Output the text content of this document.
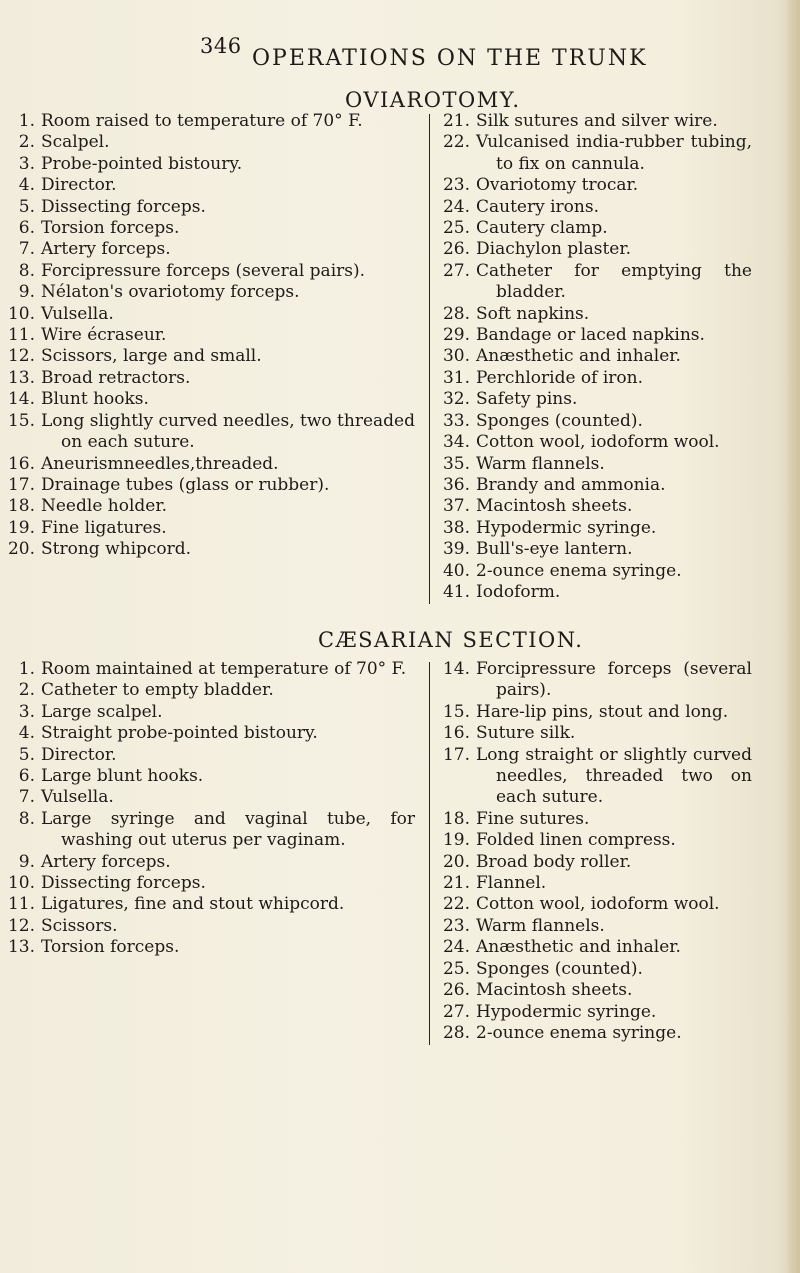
346 OPERATIONS ON THE TRUNK
OVIAROTOMY.
1. Room raised to temperature of 70° F.
2. Scalpel.
3. Probe-pointed bistoury.
4. Director.
5. Dissecting forceps.
6. Torsion forceps.
7. Artery forceps.
8. Forcipressure forceps (several pairs).
9. Nélaton's ovariotomy forceps.
10. Vulsella.
11. Wire écraseur.
12. Scissors, large and small.
13. Broad retractors.
14. Blunt hooks.
15. Long slightly curved needles, two threaded on each suture.
16. Aneurismneedles,threaded.
17. Drainage tubes (glass or rubber).
18. Needle holder.
19. Fine ligatures.
20. Strong whipcord.
21. Silk sutures and silver wire.
22. Vulcanised india-rubber tubing, to fix on cannula.
23. Ovariotomy trocar.
24. Cautery irons.
25. Cautery clamp.
26. Diachylon plaster.
27. Catheter for emptying the bladder.
28. Soft napkins.
29. Bandage or laced napkins.
30. Anæsthetic and inhaler.
31. Perchloride of iron.
32. Safety pins.
33. Sponges (counted).
34. Cotton wool, iodoform wool.
35. Warm flannels.
36. Brandy and ammonia.
37. Macintosh sheets.
38. Hypodermic syringe.
39. Bull's-eye lantern.
40. 2-ounce enema syringe.
41. Iodoform.
CÆSARIAN SECTION.
1. Room maintained at temperature of 70° F.
2. Catheter to empty bladder.
3. Large scalpel.
4. Straight probe-pointed bistoury.
5. Director.
6. Large blunt hooks.
7. Vulsella.
8. Large syringe and vaginal tube, for washing out uterus per vaginam.
9. Artery forceps.
10. Dissecting forceps.
11. Ligatures, fine and stout whipcord.
12. Scissors.
13. Torsion forceps.
14. Forcipressure forceps (several pairs).
15. Hare-lip pins, stout and long.
16. Suture silk.
17. Long straight or slightly curved needles, threaded two on each suture.
18. Fine sutures.
19. Folded linen compress.
20. Broad body roller.
21. Flannel.
22. Cotton wool, iodoform wool.
23. Warm flannels.
24. Anæsthetic and inhaler.
25. Sponges (counted).
26. Macintosh sheets.
27. Hypodermic syringe.
28. 2-ounce enema syringe.
